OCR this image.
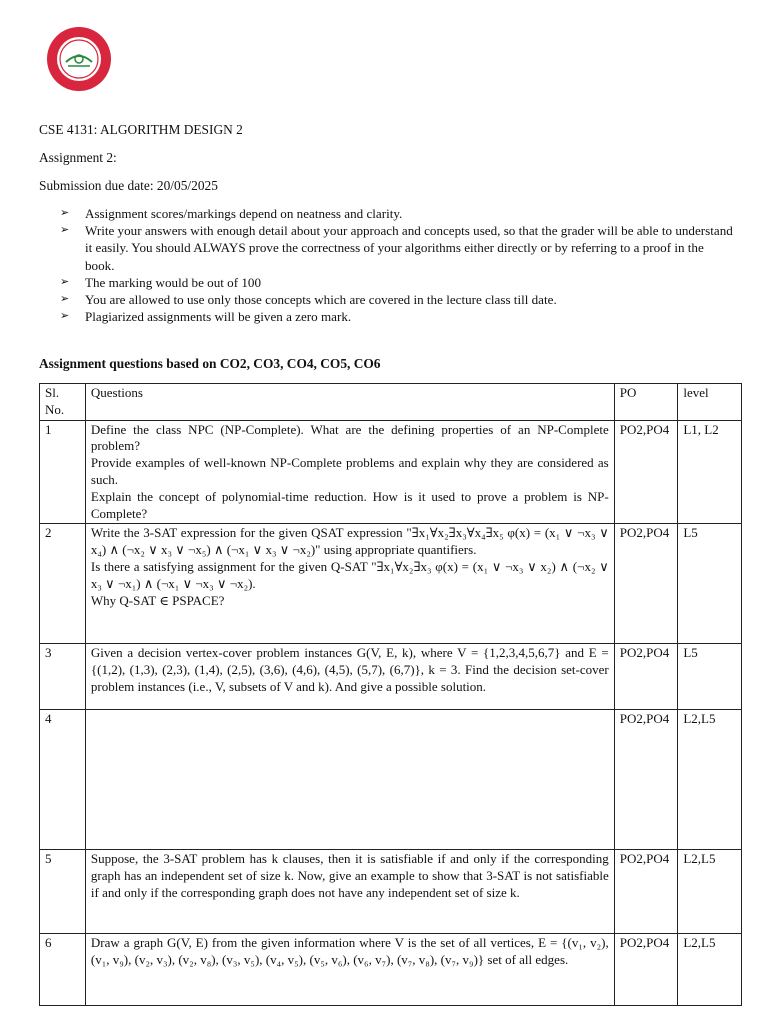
CSE 4131: ALGORITHM DESIGN 2
Assignment 2:
Submission due date: 20/05/2025
➢ Assignment scores/markings depend on neatness and clarity.
➢ Write your answers with enough detail about your approach and concepts used, so that the grader will be able to understand it easily. You should ALWAYS prove the correctness of your algorithms either directly or by referring to a proof in the book.
➢ The marking would be out of 100
➢ You are allowed to use only those concepts which are covered in the lecture class till date.
➢ Plagiarized assignments will be given a zero mark.
Assignment questions based on CO2, CO3, CO4, CO5, CO6
Sl. No.	Questions	PO	level
1	Define the class NPC (NP-Complete). What are the defining properties of an NP-Complete problem?
Provide examples of well-known NP-Complete problems and explain why they are considered as such.
Explain the concept of polynomial-time reduction. How is it used to prove a problem is NP-Complete?	PO2,PO4	L1, L2
2	Write the 3-SAT expression for the given QSAT expression "∃x₁∀x₂∃x₃∀x₄∃x₅ φ(x) = (x₁ ∨ ¬x₃ ∨ x₄) ∧ (¬x₂ ∨ x₃ ∨ ¬x₅) ∧ (¬x₁ ∨ x₃ ∨ ¬x₂)" using appropriate quantifiers.
Is there a satisfying assignment for the given Q-SAT "∃x₁∀x₂∃x₃ φ(x) = (x₁ ∨ ¬x₃ ∨ x₂) ∧ (¬x₂ ∨ x₃ ∨ ¬x₁) ∧ (¬x₁ ∨ ¬x₃ ∨ ¬x₂).
Why Q-SAT ∈ PSPACE?	PO2,PO4	L5
3	Given a decision vertex-cover problem instances G(V, E, k), where V = {1,2,3,4,5,6,7} and E = {(1,2), (1,3), (2,3), (1,4), (2,5), (3,6), (4,6), (4,5), (5,7), (6,7)}, k = 3. Find the decision set-cover problem instances (i.e., V, subsets of V and k). And give a possible solution.	PO2,PO4	L5
4		PO2,PO4	L2,L5
5	Suppose, the 3-SAT problem has k clauses, then it is satisfiable if and only if the corresponding graph has an independent set of size k. Now, give an example to show that 3-SAT is not satisfiable if and only if the corresponding graph does not have any independent set of size k.	PO2,PO4	L2,L5
6	Draw a graph G(V, E) from the given information where V is the set of all vertices, E = {(v₁, v₂), (v₁, v₉), (v₂, v₃), (v₂, v₈), (v₃, v₅), (v₄, v₅), (v₅, v₆), (v₆, v₇), (v₇, v₈), (v₇, v₉)} set of all edges.	PO2,PO4	L2,L5
